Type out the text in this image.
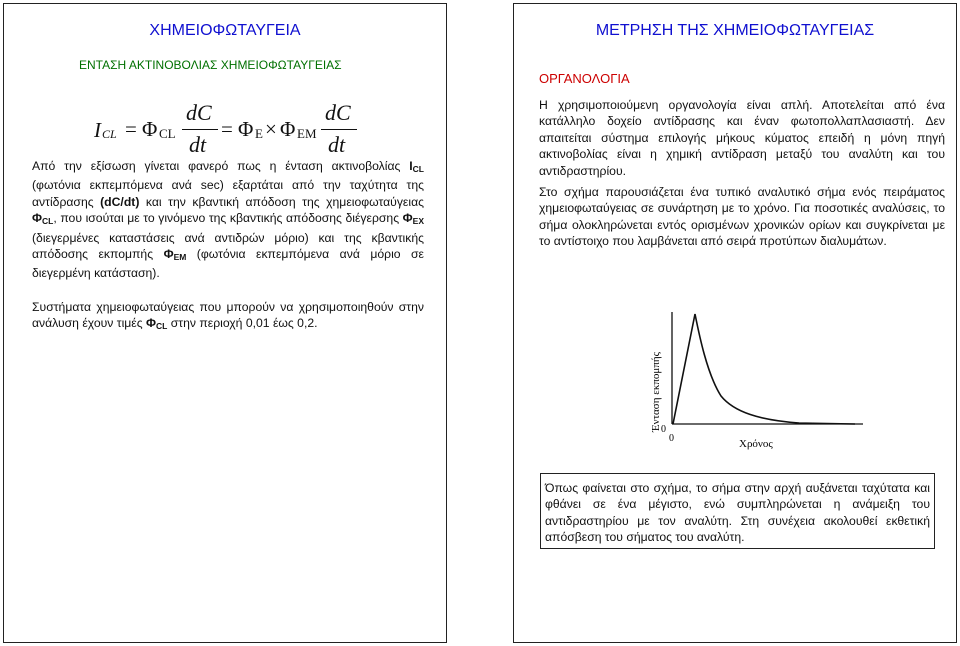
ΧΗΜΕΙΟΦΩΤΑΥΓΕΙΑ
ΕΝΤΑΣΗ ΑΚΤΙΝΟΒΟΛΙΑΣ ΧΗΜΕΙΟΦΩΤΑΥΓΕΙΑΣ
I CL = Φ CL
dC
dt
= Φ E × Φ EM
dC
dt
Από την εξίσωση γίνεται φανερό πως η ένταση ακτινοβολίας $I_{CL}$ (φωτόνια εκπεμπόμενα ανά sec) εξαρτάται από την ταχύτητα της αντίδρασης (dC/dt) και την κβαντική απόδοση της χημειοφωταύγειας $\Phi_{CL}$, που ισούται με το γινόμενο της κβαντικής απόδοσης διέγερσης $\Phi_{EX}$ (διεγερμένες καταστάσεις ανά αντιδρών μόριο) και της κβαντικής απόδοσης εκπομπής $\Phi_{EM}$ (φωτόνια εκπεμπόμενα ανά μόριο σε διεγερμένη κατάσταση).
Συστήματα χημειοφωταύγειας που μπορούν να χρησιμοποιηθούν στην ανάλυση έχουν τιμές $\Phi_{CL}$ στην περιοχή 0,01 έως 0,2.
ΜΕΤΡΗΣΗ ΤΗΣ ΧΗΜΕΙΟΦΩΤΑΥΓΕΙΑΣ
ΟΡΓΑΝΟΛΟΓΙΑ
Η χρησιμοποιούμενη οργανολογία είναι απλή. Αποτελείται από ένα κατάλληλο δοχείο αντίδρασης και έναν φωτοπολλαπλασιαστή. Δεν απαιτείται σύστημα επιλογής μήκους κύματος επειδή η μόνη πηγή ακτινοβολίας είναι η χημική αντίδραση μεταξύ του αναλύτη και του αντιδραστηρίου.
Στο σχήμα παρουσιάζεται ένα τυπικό αναλυτικό σήμα ενός πειράματος χημειοφωταύγειας σε συνάρτηση με το χρόνο. Για ποσοτικές αναλύσεις, το σήμα ολοκληρώνεται εντός ορισμένων χρονικών ορίων και συγκρίνεται με το αντίστοιχο που λαμβάνεται από σειρά προτύπων διαλυμάτων.
Ένταση εκπομπής 0
0	Χρόνος
Όπως φαίνεται στο σχήμα, το σήμα στην αρχή αυξάνεται ταχύτατα και φθάνει σε ένα μέγιστο, ενώ συμπληρώνεται η ανάμειξη του αντιδραστηρίου με τον αναλύτη. Στη συνέχεια ακολουθεί εκθετική απόσβεση του σήματος του αναλύτη.
